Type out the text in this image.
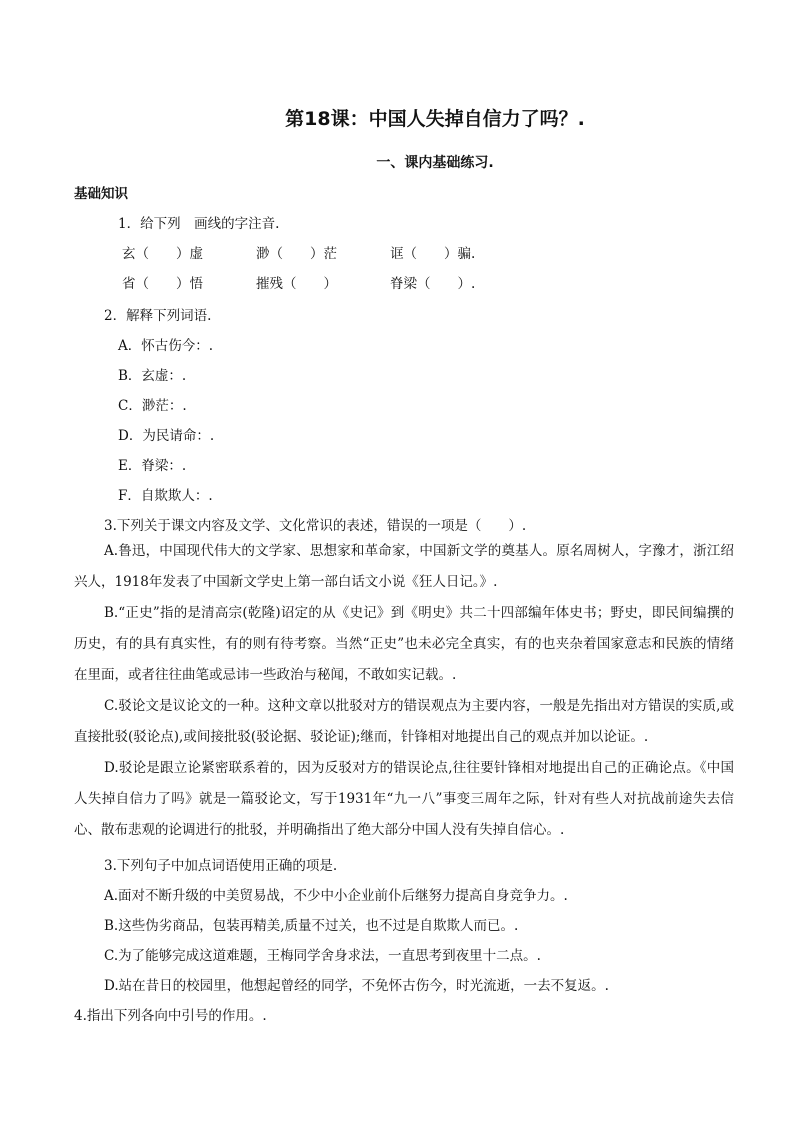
第18课：中国人失掉自信力了吗？.
一、课内基础练习.
基础知识
1．给下列　画线的字注音.
玄（　　）虚	渺（　　）茫	诓（　　）骗.
省（　　）悟	摧残（　　）	脊梁（　　）.
2．解释下列词语.
A．怀古伤今：.
B．玄虚：.
C．渺茫：.
D．为民请命：.
E．脊梁：.
F．自欺欺人：.
3.下列关于课文内容及文学、文化常识的表述，错误的一项是（　　）.
A.鲁迅，中国现代伟大的文学家、思想家和革命家，中国新文学的奠基人。原名周树人，字豫才，浙江绍兴人，1918年发表了中国新文学史上第一部白话文小说《狂人日记。》.
B.“正史”指的是清高宗(乾隆)诏定的从《史记》到《明史》共二十四部编年体史书；野史，即民间编撰的历史，有的具有真实性，有的则有待考察。当然“正史”也未必完全真实，有的也夹杂着国家意志和民族的情绪在里面，或者往往曲笔或忌讳一些政治与秘闻，不敢如实记载。.
C.驳论文是议论文的一种。这种文章以批驳对方的错误观点为主要内容，一般是先指出对方错误的实质,或直接批驳(驳论点),或间接批驳(驳论据、驳论证);继而，针锋相对地提出自己的观点并加以论证。.
D.驳论是跟立论紧密联系着的，因为反驳对方的错误论点,往往要针锋相对地提出自己的正确论点。《中国人失掉自信力了吗》就是一篇驳论文，写于1931年“九一八”事变三周年之际，针对有些人对抗战前途失去信心、散布悲观的论调进行的批驳，并明确指出了绝大部分中国人没有失掉自信心。.
3.下列句子中加点词语使用正确的项是.
A.面对不断升级的中美贸易战，不少中小企业前仆后继努力提高自身竞争力。.
B.这些伪劣商品，包装再精美,质量不过关，也不过是自欺欺人而已。.
C.为了能够完成这道难题，王梅同学舍身求法，一直思考到夜里十二点。.
D.站在昔日的校园里，他想起曾经的同学，不免怀古伤今，时光流逝，一去不复返。.
4.指出下列各向中引号的作用。.
